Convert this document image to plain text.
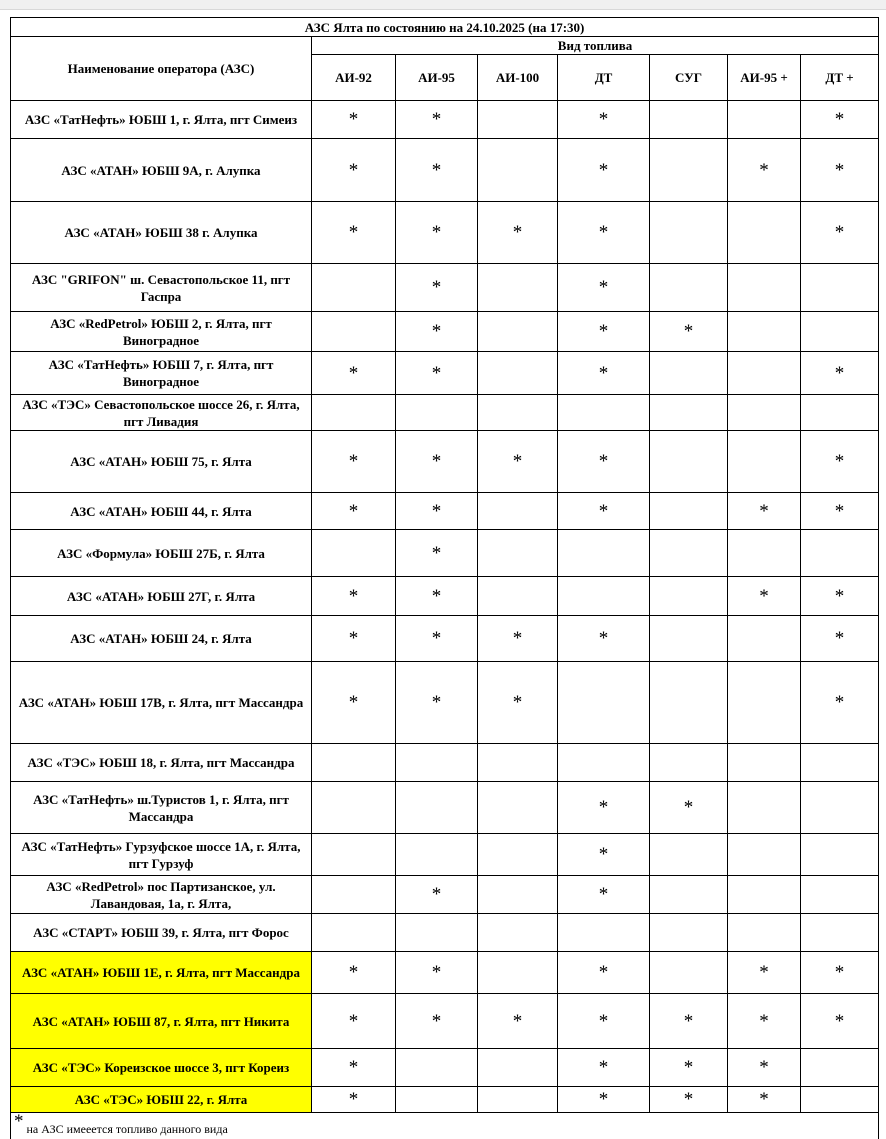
АЗС Ялта по состоянию на 24.10.2025 (на 17:30)							
Наименование оператора (АЗС)	Вид топлива						
	АИ-92	АИ-95	АИ-100	ДТ	СУГ	АИ-95 +	ДТ +
АЗС «ТатНефть» ЮБШ 1, г. Ялта, пгт Симеиз	*	*		*			*
АЗС «АТАН» ЮБШ 9А, г. Алупка	*	*		*		*	*
АЗС «АТАН» ЮБШ 38 г. Алупка	*	*	*	*			*
АЗС "GRIFON" ш. Севастопольское 11, пгт Гаспра		*		*			
АЗС «RedPetrol» ЮБШ 2, г. Ялта, пгт Виноградное		*		*	*		
АЗС «ТатНефть» ЮБШ 7, г. Ялта, пгт Виноградное	*	*		*			*
АЗС «ТЭС» Севастопольское шоссе 26, г. Ялта, пгт Ливадия							
АЗС «АТАН» ЮБШ 75, г. Ялта	*	*	*	*			*
АЗС «АТАН» ЮБШ 44, г. Ялта	*	*		*		*	*
АЗС «Формула» ЮБШ 27Б, г. Ялта		*					
АЗС «АТАН» ЮБШ 27Г, г. Ялта	*	*				*	*
АЗС «АТАН» ЮБШ 24, г. Ялта	*	*	*	*			*
АЗС «АТАН» ЮБШ 17В, г. Ялта, пгт Массандра	*	*	*				*
АЗС «ТЭС» ЮБШ 18, г. Ялта, пгт Массандра							
АЗС «ТатНефть» ш.Туристов 1, г. Ялта, пгт Массандра				*	*		
АЗС «ТатНефть» Гурзуфское шоссе 1А, г. Ялта, пгт Гурзуф				*			
АЗС «RedPetrol» пос Партизанское, ул. Лавандовая, 1а, г. Ялта,		*		*			
АЗС «СТАРТ» ЮБШ 39, г. Ялта, пгт Форос							
АЗС «АТАН» ЮБШ 1Е, г. Ялта, пгт Массандра	*	*		*		*	*
АЗС «АТАН» ЮБШ 87, г. Ялта, пгт Никита	*	*	*	*	*	*	*
АЗС «ТЭС» Кореизское шоссе 3, пгт Кореиз	*			*	*	*	
АЗС «ТЭС» ЮБШ 22, г. Ялта	*			*	*	*	
* на АЗС имееется топливо данного вида							
